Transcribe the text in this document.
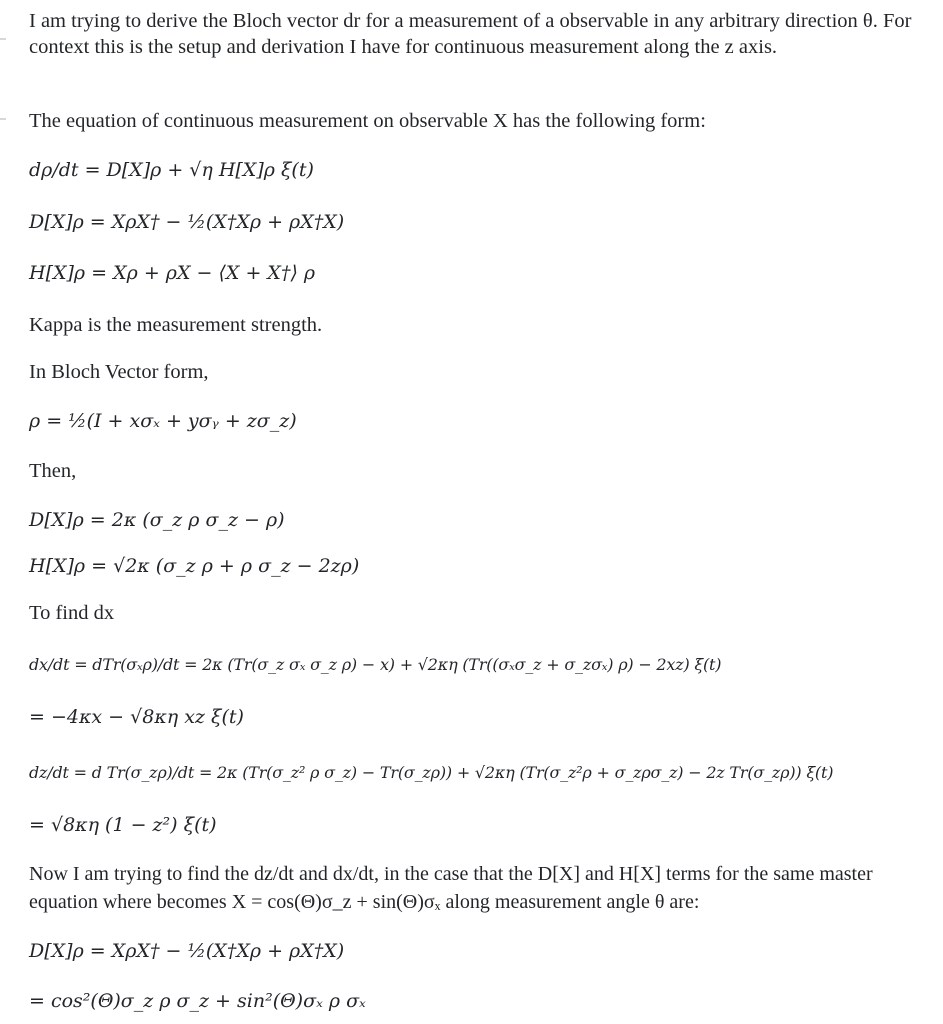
I am trying to derive the Bloch vector dr for a measurement of a observable in any arbitrary direction θ. For context this is the setup and derivation I have for continuous measurement along the z axis.
The equation of continuous measurement on observable X has the following form:
dρ/dt = D[X]ρ + √η H[X]ρ ξ(t)
D[X]ρ = XρX† − ½(X†Xρ + ρX†X)
H[X]ρ = Xρ + ρX − ⟨X + X†⟩ ρ
Kappa is the measurement strength.
In Bloch Vector form,
ρ = ½(I + xσₓ + yσᵧ + zσ_z)
Then,
D[X]ρ = 2κ (σ_z ρ σ_z − ρ)
H[X]ρ = √2κ (σ_z ρ + ρ σ_z − 2zρ)
To find dx
dx/dt = dTr(σₓρ)/dt = 2κ (Tr(σ_z σₓ σ_z ρ) − x) + √2κη (Tr((σₓσ_z + σ_zσₓ) ρ) − 2xz) ξ(t)
= −4κx − √8κη xz ξ(t)
dz/dt = d Tr(σ_zρ)/dt = 2κ (Tr(σ_z² ρ σ_z) − Tr(σ_zρ)) + √2κη (Tr(σ_z²ρ + σ_zρσ_z) − 2z Tr(σ_zρ)) ξ(t)
= √8κη (1 − z²) ξ(t)
Now I am trying to find the dz/dt and dx/dt, in the case that the D[X] and H[X] terms for the same master equation where becomes X = cos(Θ)σ_z + sin(Θ)σₓ along measurement angle θ are:
D[X]ρ = XρX† − ½(X†Xρ + ρX†X)
= cos²(Θ)σ_z ρ σ_z + sin²(Θ)σₓ ρ σₓ
